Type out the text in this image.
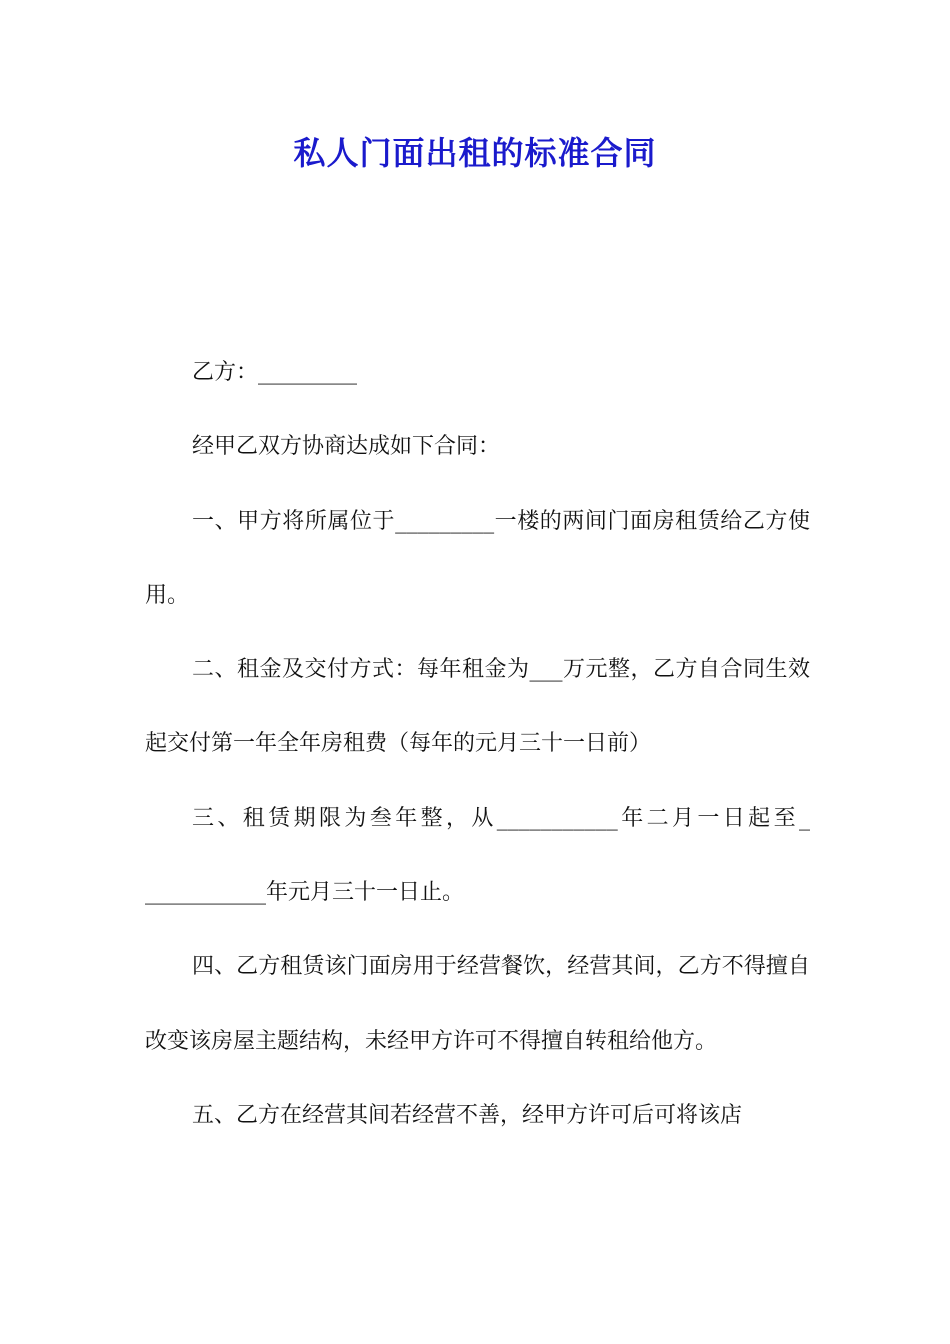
私人门面出租的标准合同

乙方：_________

经甲乙双方协商达成如下合同：

一、甲方将所属位于_________一楼的两间门面房租赁给乙方使用。

二、租金及交付方式：每年租金为___万元整，乙方自合同生效起交付第一年全年房租费（每年的元月三十一日前）

三、租赁期限为叁年整，从___________年二月一日起至_ ___________年元月三十一日止。

四、乙方租赁该门面房用于经营餐饮，经营其间，乙方不得擅自改变该房屋主题结构，未经甲方许可不得擅自转租给他方。

五、乙方在经营其间若经营不善，经甲方许可后可将该店
